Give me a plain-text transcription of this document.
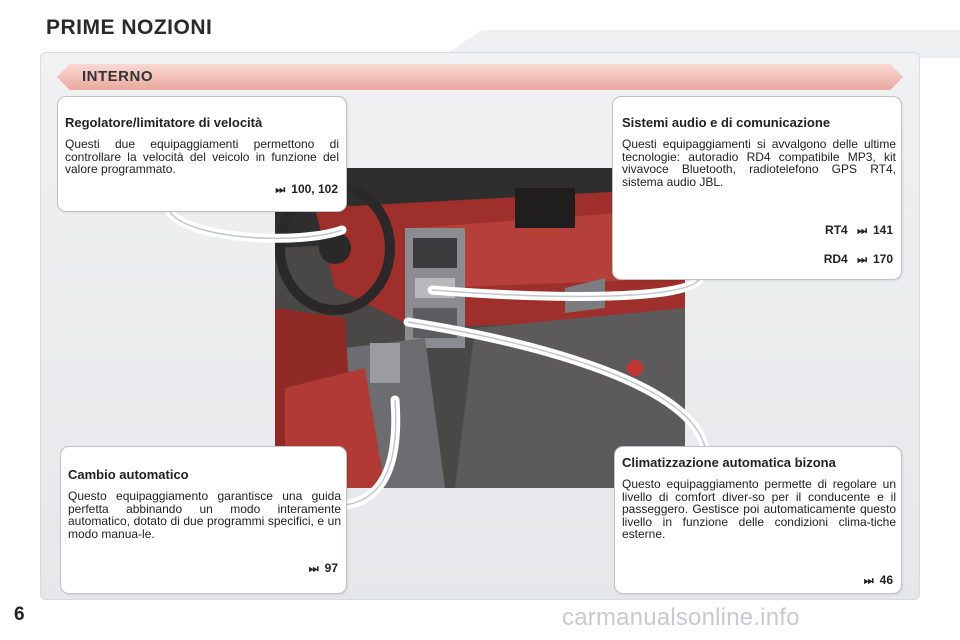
PRIME NOZIONI
INTERNO
Regolatore/limitatore di velocità

Questi due equipaggiamenti permettono di controllare la velocità del veicolo in funzione del valore programmato.

⏭ 100, 102
Sistemi audio e di comunicazione

Questi equipaggiamenti si avvalgono delle ultime tecnologie: autoradio RD4 compatibile MP3, kit vivavoce Bluetooth, radiotelefono GPS RT4, sistema audio JBL.

RT4 ⏭ 141
RD4 ⏭ 170
Cambio automatico

Questo equipaggiamento garantisce una guida perfetta abbinando un modo interamente automatico, dotato di due programmi specifici, e un modo manua-le.

⏭ 97
Climatizzazione automatica bizona

Questo equipaggiamento permette di regolare un livello di comfort diver-so per il conducente e il passeggero. Gestisce poi automaticamente questo livello in funzione delle condizioni clima-tiche esterne.

⏭ 46
6	carmanualsonline.info
